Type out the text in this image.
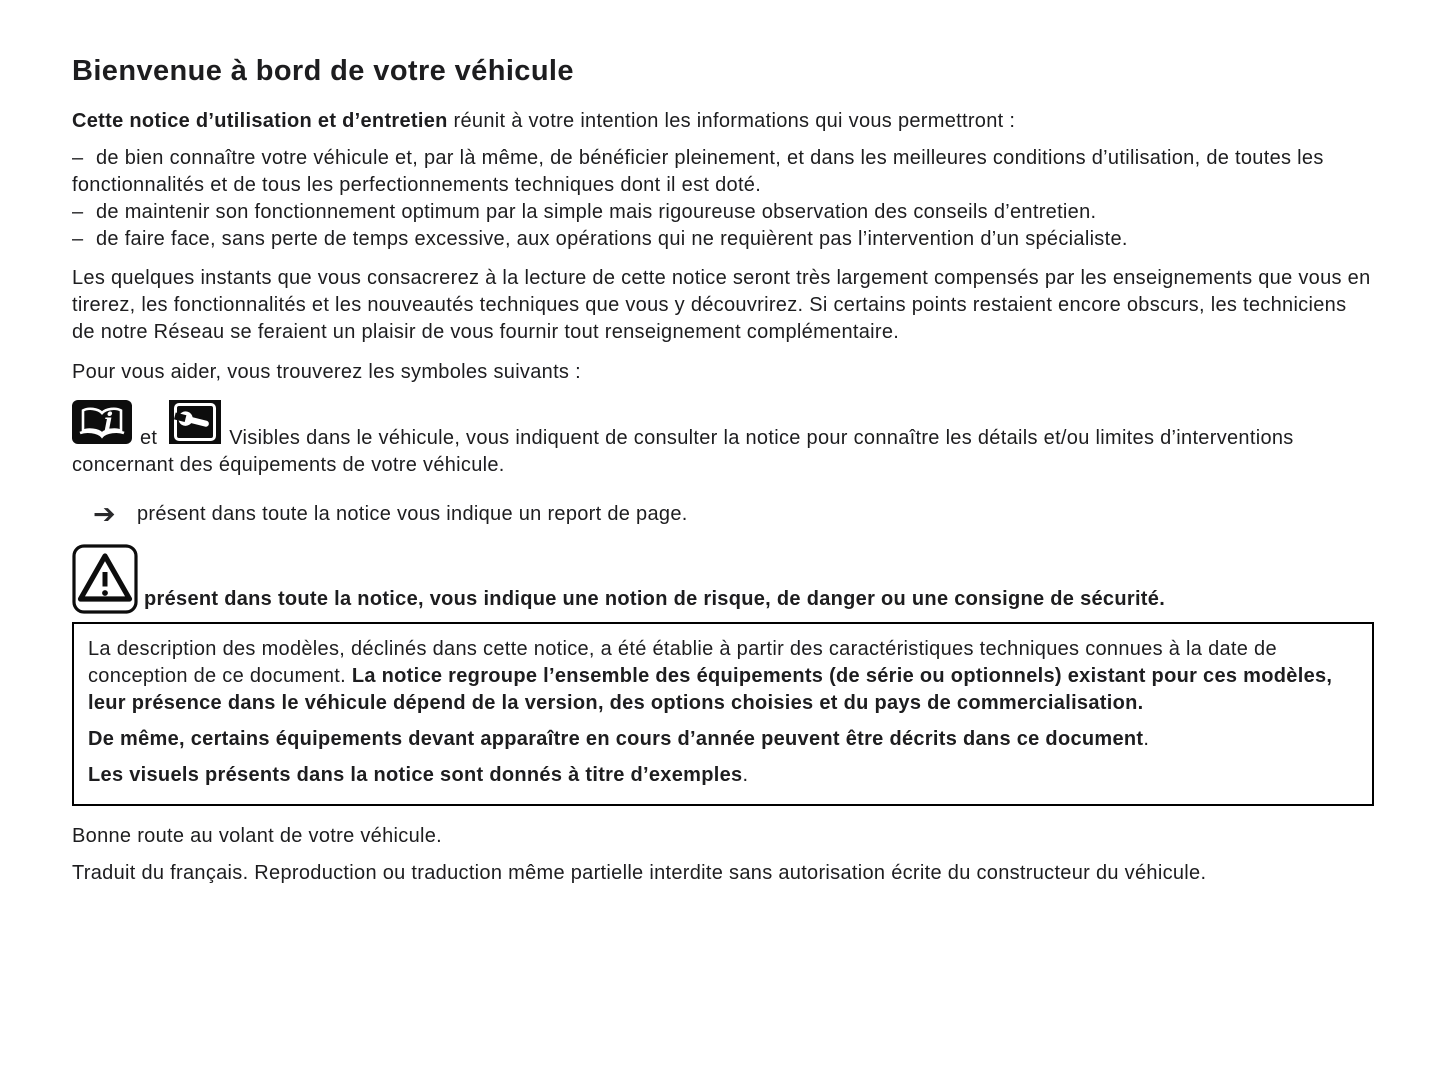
Bienvenue à bord de votre véhicule

Cette notice d’utilisation et d’entretien réunit à votre intention les informations qui vous permettront :

– de bien connaître votre véhicule et, par là même, de bénéficier pleinement, et dans les meilleures conditions d’utilisation, de toutes les fonctionnalités et de tous les perfectionnements techniques dont il est doté.

– de maintenir son fonctionnement optimum par la simple mais rigoureuse observation des conseils d’entretien.

– de faire face, sans perte de temps excessive, aux opérations qui ne requièrent pas l’intervention d’un spécialiste.

Les quelques instants que vous consacrerez à la lecture de cette notice seront très largement compensés par les enseignements que vous en tirerez, les fonctionnalités et les nouveautés techniques que vous y découvrirez. Si certains points restaient encore obscurs, les techniciens de notre Réseau se feraient un plaisir de vous fournir tout renseignement complémentaire.

Pour vous aider, vous trouverez les symboles suivants :

i
et	Visibles dans le véhicule, vous indiquent de consulter la notice pour connaître les détails et/ou limites d’interventions concernant des équipements de votre véhicule.

➔	présent dans toute la notice vous indique un report de page.
présent dans toute la notice, vous indique une notion de risque, de danger ou une consigne de sécurité.

La description des modèles, déclinés dans cette notice, a été établie à partir des caractéristiques techniques connues à la date de conception de ce document. La notice regroupe l’ensemble des équipements (de série ou optionnels) existant pour ces modèles, leur présence dans le véhicule dépend de la version, des options choisies et du pays de commercialisation.

De même, certains équipements devant apparaître en cours d’année peuvent être décrits dans ce document.

Les visuels présents dans la notice sont donnés à titre d’exemples.

Bonne route au volant de votre véhicule.

Traduit du français. Reproduction ou traduction même partielle interdite sans autorisation écrite du constructeur du véhicule.
